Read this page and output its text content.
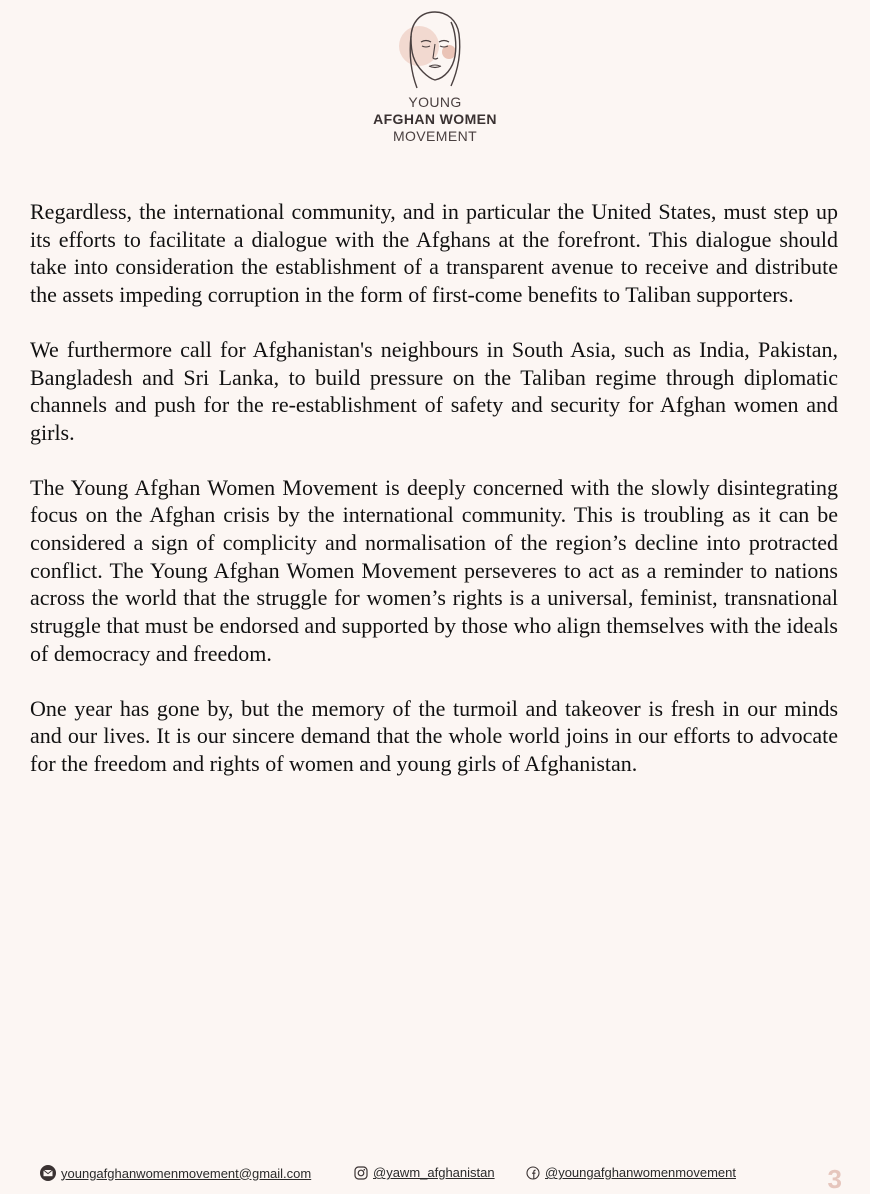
YOUNG
AFGHAN WOMEN
MOVEMENT

Regardless, the international community, and in particular the United States, must step up its efforts to facilitate a dialogue with the Afghans at the forefront. This dialogue should take into consideration the establishment of a transparent avenue to receive and distribute the assets impeding corruption in the form of first-come benefits to Taliban supporters.

We furthermore call for Afghanistan's neighbours in South Asia, such as India, Pakistan, Bangladesh and Sri Lanka, to build pressure on the Taliban regime through diplomatic channels and push for the re-establishment of safety and security for Afghan women and girls.

The Young Afghan Women Movement is deeply concerned with the slowly disintegrating focus on the Afghan crisis by the international community. This is troubling as it can be considered a sign of complicity and normalisation of the region’s decline into protracted conflict. The Young Afghan Women Movement perseveres to act as a reminder to nations across the world that the struggle for women’s rights is a universal, feminist, transnational struggle that must be endorsed and supported by those who align themselves with the ideals of democracy and freedom.

One year has gone by, but the memory of the turmoil and takeover is fresh in our minds and our lives. It is our sincere demand that the whole world joins in our efforts to advocate for the freedom and rights of women and young girls of Afghanistan.

youngafghanwomenmovement@gmail.com	@yawm_afghanistan	@youngafghanwomenmovement	3
